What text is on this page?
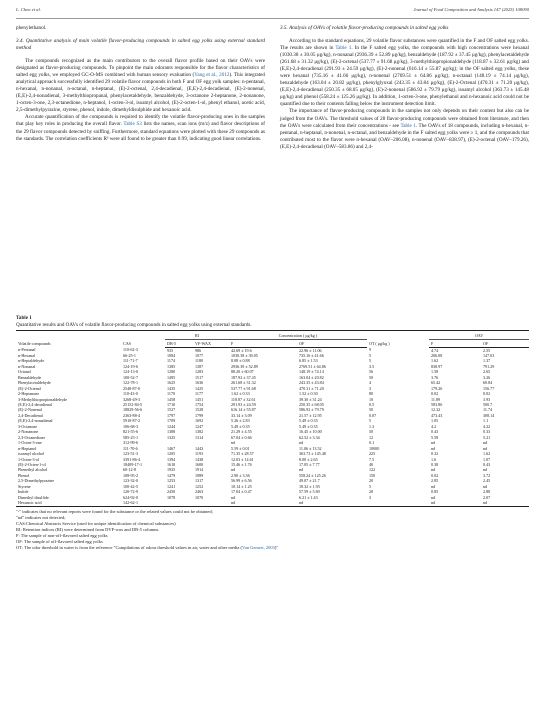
L. Chen et al.	Journal of Food Composition and Analysis 147 (2025) 108090

phenylethanol.

3.4. Quantitative analysis of main volatile flavor-producing compounds in salted egg yolks using external standard method

The compounds recognized as the main contributors to the overall flavor profile based on their OAVs were designated as flavor-producing compounds. To pinpoint the main odorants responsible for the flavor characteristics of salted egg yolks, we employed GC-O-MS combined with human sensory evaluation (Yang et al., 2012). This integrated analytical approach successfully identified 29 volatile flavor compounds in both F and OF egg yolk samples: n-pentanal, n-hexanal, n-nonanal, n-octanal, n-heptanal, (E)-2-octenal, 2,4-decadienal, (E,E)-2,4-decadienal, (E)-2-nonenal, (E,E)-2,4-nonadienal, 3-methylthiopropanal, phenylacetaldehyde, benzaldehyde, 3-octanone 2-heptanone, 2-nonanone, 1-octen-3-one, 2,3-octanedione, n-heptanol, 1-octen-3-ol, isoamyl alcohol, (E)-2-octen-1-ol, phenyl ethanol, acetic acid, 2,5-dimethylpyrazine, styrene, phenol, indole, dimethyldisulphide and hexanoic acid.

Accurate quantification of the compounds is required to identify the volatile flavor-producing ones in the samples that play key roles in producing the overall flavor. Table S3 lists the names, scan ions (m/z) and flavor descriptions of the 29 flavor compounds detected by sniffing. Furthermore, standard equations were plotted with these 29 compounds as the standards. The correlation coefficients R² were all found to be greater than 0.99, indicating good linear correlations.

3.5. Analysis of OAVs of volatile flavor-producing compounds in salted egg yolks

According to the standard equations, 29 volatile flavor substances were quantified in the F and OF salted egg yolks. The results are shown in Table 1. In the F salted egg yolks, the compounds with high concentrations were hexanal (1030.38 ± 30.05 μg/kg), n-nonanal (2936.39 ± 52.89 μg/kg), benzaldehyde (187.92 ± 37.45 μg/kg), phenylacetaldehyde (261.68 ± 31.32 μg/kg), (E)-2-octenal (537.77 ± 91.68 μg/kg), 3-methylthiopropionaldehyde (118.87 ± 32.61 μg/kg) and (E,E)-2,4-decadienal (291.93 ± 24.59 μg/kg), (E)-2-nonenal (616.14 ± 55.87 μg/kg); in the OF salted egg yolks, these were hexanal (735.16 ± 41.66 μg/kg), n-nonenal (2769.51 ± 64.86 μg/kg), n-octanal (148.19 ± 74.14 μg/kg), benzaldehyde (163.04 ± 20.82 μg/kg), phenylglyoxal (243.35 ± 43.84 μg/kg), (E)-2-Octenal (470.31 ± 71.20 μg/kg), (E,E)-2,4-decadienal (250.35 ± 68.05 μg/kg), (E)-2-nonenal (586.92 ± 79.79 μg/kg), isoamyl alcohol (363.73 ± 145.48 μg/kg) and phenol (558.24 ± 125.26 μg/kg). In addition, 1-octen-3-one, phenylethanol and n-hexanoic acid could not be quantified due to their contents falling below the instrument detection limit.

The importance of flavor-producing compounds in the samples not only depends on their content but also can be judged from the OAVs. The threshold values of 28 flavor-producing compounds were obtained from literature, and then the OAVs were calculated from their concentrations - see Table 1. The OAVs of 18 compounds, including n-hexanal, n-pentanal, n-heptanal, n-nonenal, n-octanal, and benzaldehyde in the F salted egg yolks were ≥ 1, and the compounds that contributed most to the flavor were n-hexanal (OAV–206.08), n-nonenal (OAV–838.97), (E)-2-octenal (OAV–179.26), (E,E)-2,4-decadienal (OAV–583.86) and 2,4-

Table 1
Quantitative results and OAVs of volatile flavor-producing compounds in salted egg yolks using external standards.
Volatile compounds	CAS	RI		Concentration ( μg/kg )		OT ( μg/kg )	OAV	
		DB-5	VF-WAX	F	OF		F	OF
n-Pentanal	110-62-3	935	986	42.69 ± 19.6	22.96 ± 11.06	9	4.74	2.55
n-Hexanal	66-25-1	1084	1077	1030.38 ± 30.05	735.16 ± 41.66	5	206.08	147.03
n-Heptaldehyde	111-71-7	1174	1180	8.08 ± 0.88	6.85 ± 1.53	5	1.62	1.37
n-Nonanal	124-19-6	1385	1387	2936.39 ± 52.89	2769.51 ± 64.86	3.5	838.97	791.29
Octanal	124-13-0	1280	1283	88.20 ± 60.07	148.19 ± 74.14	56	1.58	2.65
Benzaldehyde	100-52-7	1495	1517	187.92 ± 37.45	163.04 ± 20.82	50	3.76	3.26
Phenylacetaldehyde	122-78-1	1625	1636	261.68 ± 31.32	243.35 ± 43.84	4	65.42	60.84
(E)-2-Octenal	2548-87-0	1435	1425	537.77 ± 91.68	470.31 ± 71.20	3	179.26	156.77
2-Heptanone	110-43-0	1170	1177	1.62 ± 0.33	1.52 ± 0.30	80	0.02	0.02
3-Methylthiopropionaldehyde	3268-49-3	1458	1451	118.87 ± 32.61	39.30 ± 31.24	10	11.89	3.93
(E,E)-2,4-decadienal	25152-84-5	1710	1754	291.93 ± 24.59	250.35 ± 68.05	0.5	583.86	500.7
(E)-2-Nonenal	18829-56-6	1527	1528	616.14 ± 55.87	586.92 ± 79.79	50	12.32	11.74
2,4-Decadienal	2363-88-4	1797	1799	33.14 ± 3.09	21.57 ± 12.95	0.07	473.43	308.14
(E,E)-2,4-nonadienal	5910-87-2	1709	1692	5.26 ± 2.83	5.49 ± 0.35	5	1.05	1.1
3-Octanone	106-68-3	1244	1247	5.49 ± 0.35	5.49 ± 0.35	1.3	4.2	4.22
2-Nonanone	821-55-6	1388	1382	21.29 ± 4.55	16.45 ± 10.00	50	0.43	0.33
2,3-Octanedione	585-25-1	1325	1314	67.04 ± 0.66	62.52 ± 3.34	12	5.58	5.21
1-Octen-3-one	312-99-6			nd	nd	0.1	nd	nd
n-Heptanol	111-70-6	1467	1443	5.59 ± 0.01	11.06 ± 13.52	10000	nd	nd
isoamyl alcohol	123-51-3	1205	1193	71.35 ± 28.57	363.73 ± 145.48	225	0.32	1.62
1-Octen-3-ol	3391-86-4	1394	1438	12.03 ± 14.61	8.00 ± 2.65	7.5	1.6	1.07
(E)-2-Octen-1-ol	18409-17-1	1610	1600	15.46 ± 1.76	17.05 ± 7.77	40	0.38	0.43
Phenethyl alcohol	60-12-8	1925	1914	nd	nd	122	nd	nd
Phenol	108-95-2	1479	1989	2.90 ± 3.36	558.24 ± 125.26	150	0.02	3.72
2,5-Dimethylpyrazine	123-32-0	1253	1317	56.99 ± 6.56	49.07 ± 21.7	20	2.85	2.45
Styrene	100-42-5	1241	1252	10.14 ± 1.25	18.32 ± 1.93	5	nd	nd
Indole	120-72-9	2450	2463	17.04 ± 0.47	57.59 ± 5.69	20	0.85	2.88
Dimethyl disulfide	624-92-0	1078	1070	nd	6.21 ± 1.43	3	nd	2.07
Hexanoic acid	142-62-1			nd	nd		nd	nd
"-" indicates that no relevant reports were found for the substance or the related values could not be obtained;
"nd" indicates not detected;
CAS:Chemical Abstracts Service (used for unique identification of chemical substances)
RI: Retention indices (RI) were determined from DVF-wax and DB-5 columns.
F: The sample of non-off-flavored salted egg yolks
OF: The sample of off-flavored salted egg yolks
OT: The odor threshold in water is from the reference "Compilations of odour threshold values in air, water and other media (Van Gemert, 2003)"
